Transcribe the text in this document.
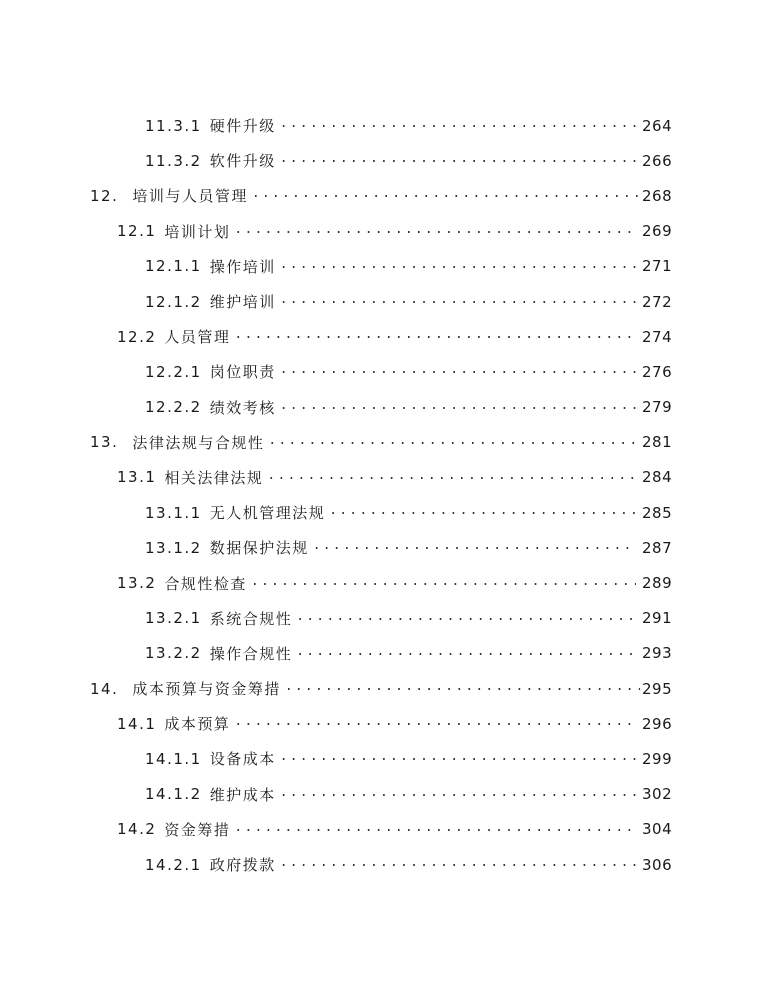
11.3.1 硬件升级 .....	264
11.3.2 软件升级 .....	266
12. 培训与人员管理 .....	268
12.1 培训计划 .....	269
12.1.1 操作培训 .....	271
12.1.2 维护培训 .....	272
12.2 人员管理 .....	274
12.2.1 岗位职责 .....	276
12.2.2 绩效考核 .....	279
13. 法律法规与合规性 .....	281
13.1 相关法律法规 .....	284
13.1.1 无人机管理法规 .....	285
13.1.2 数据保护法规 .....	287
13.2 合规性检查 .....	289
13.2.1 系统合规性 .....	291
13.2.2 操作合规性 .....	293
14. 成本预算与资金筹措 .....	295
14.1 成本预算 .....	296
14.1.1 设备成本 .....	299
14.1.2 维护成本 .....	302
14.2 资金筹措 .....	304
14.2.1 政府拨款 .....	306
